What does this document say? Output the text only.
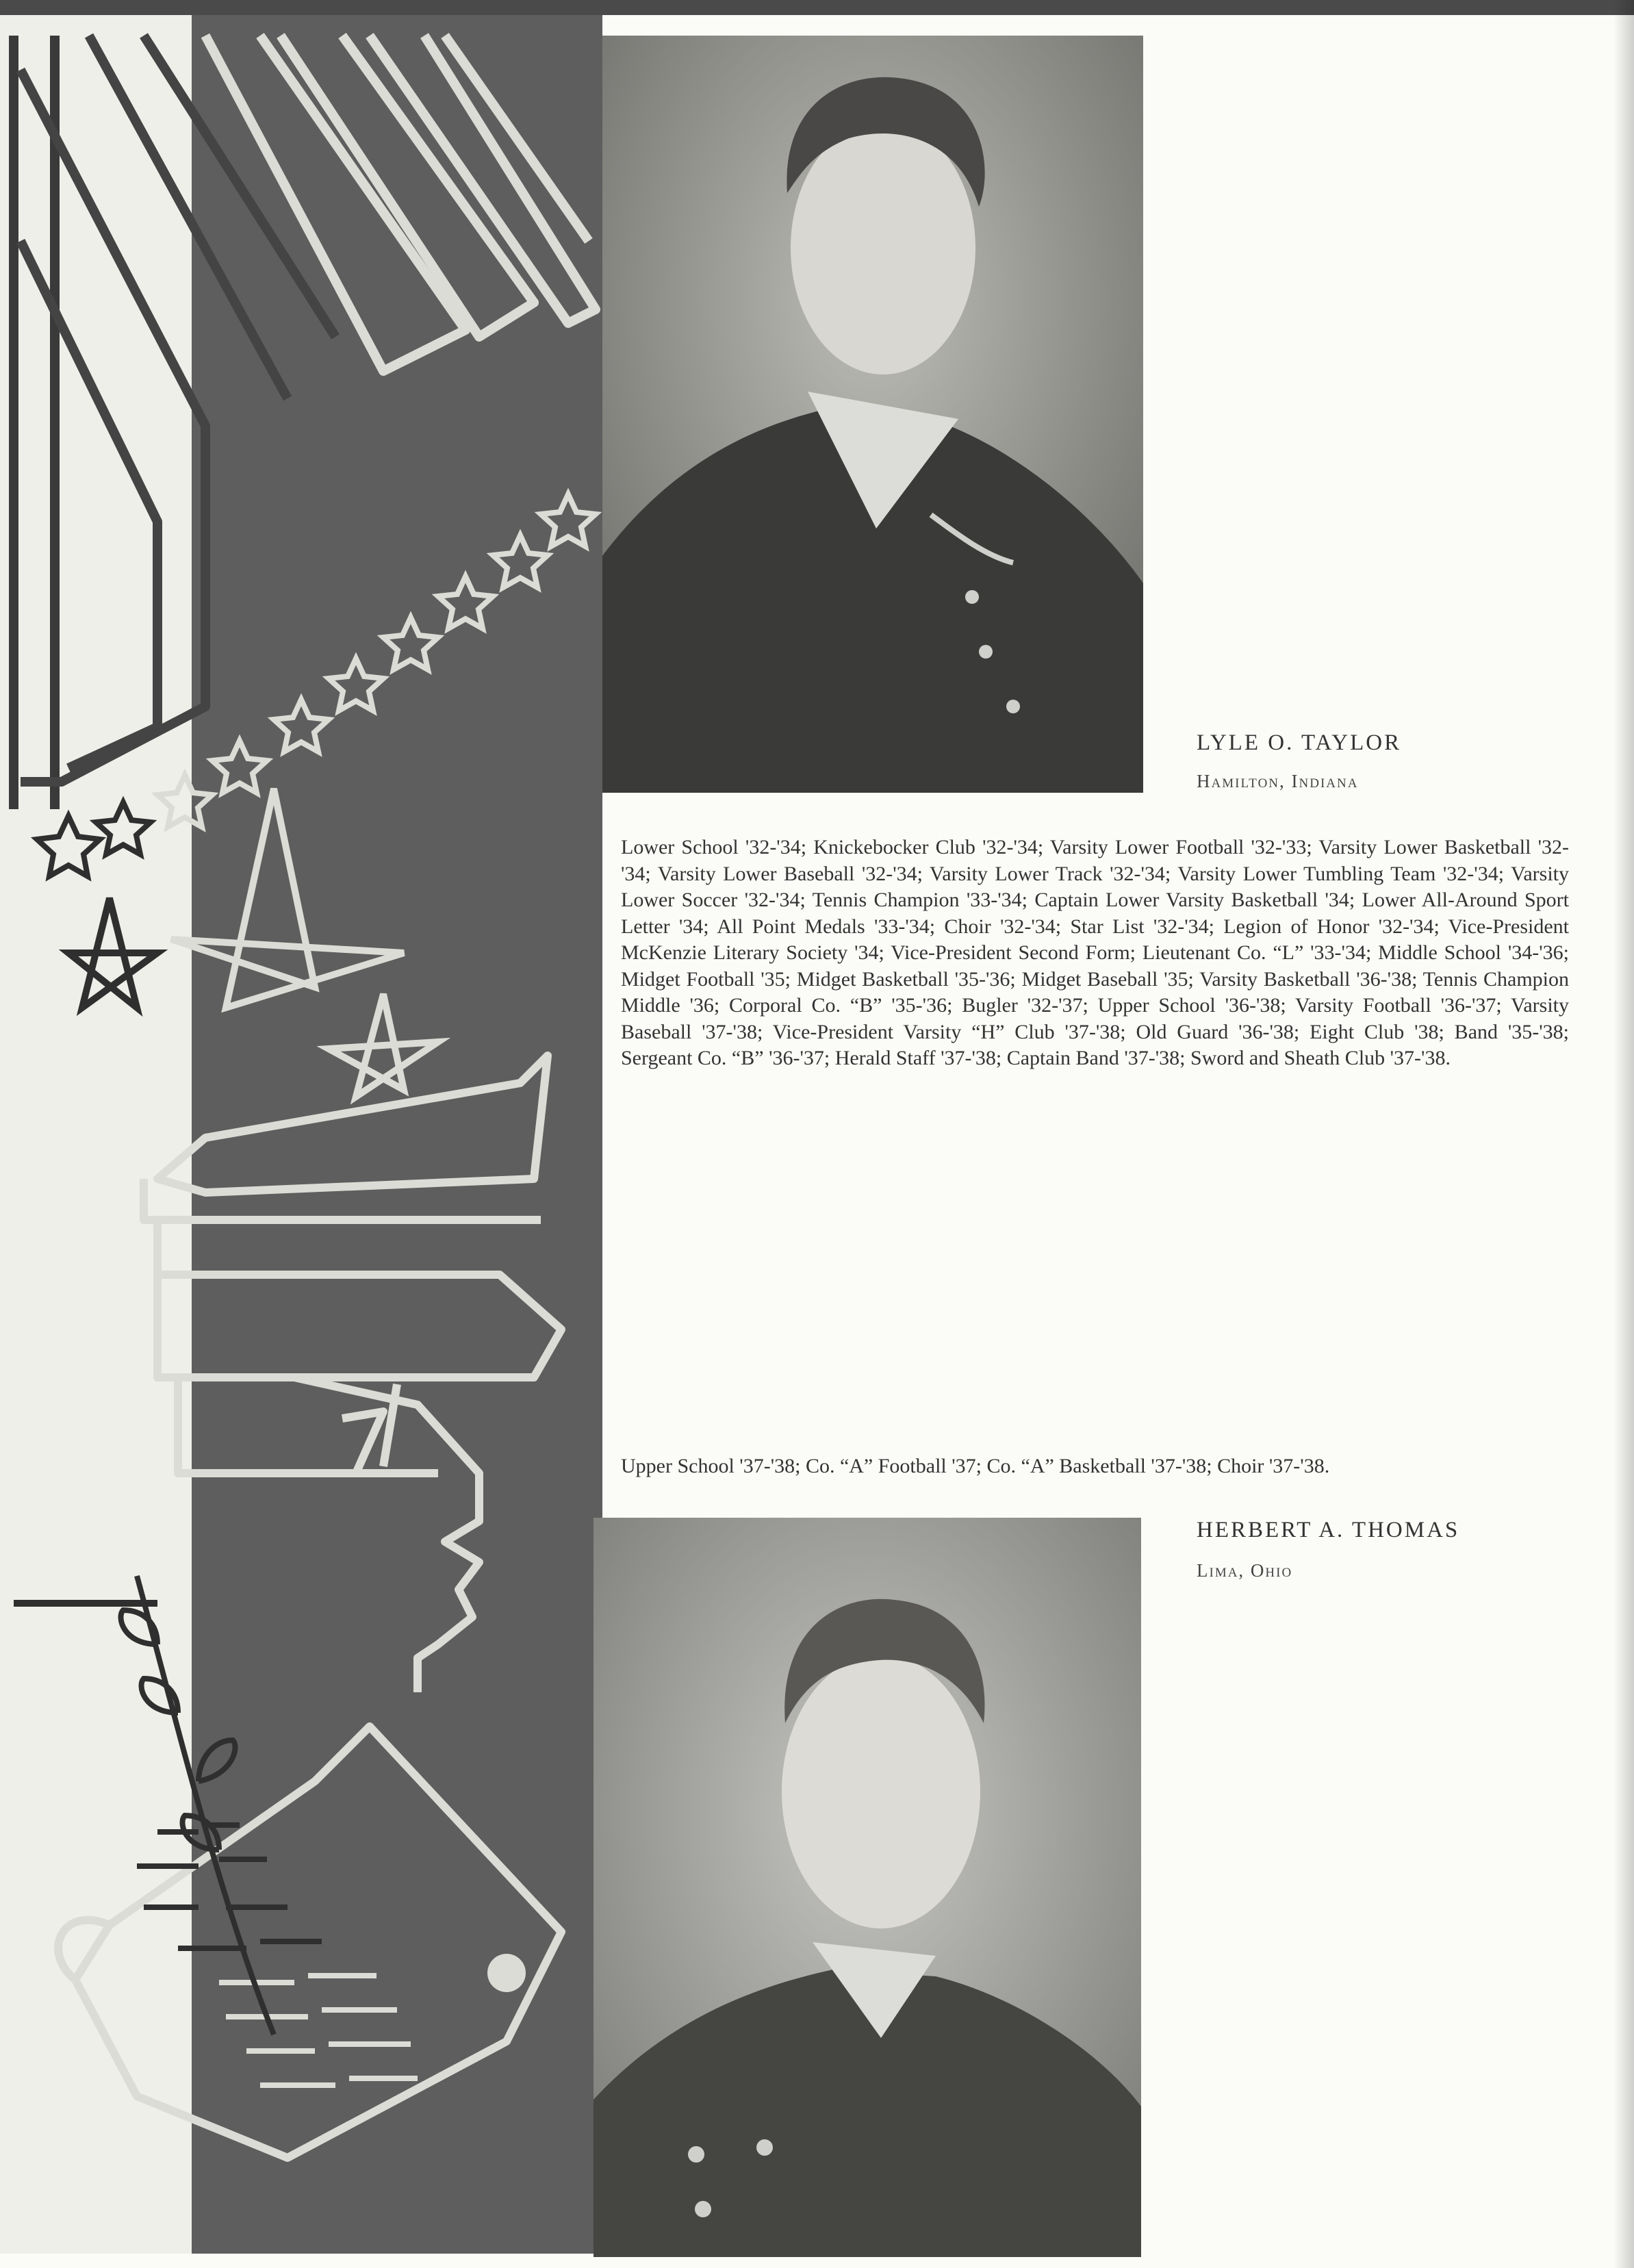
LYLE O. TAYLOR
Hamilton, Indiana
Lower School '32-'34; Knickebocker Club '32-'34; Varsity Lower Football '32-'33; Varsity Lower Basketball '32-'34; Varsity Lower Baseball '32-'34; Varsity Lower Track '32-'34; Varsity Lower Tumbling Team '32-'34; Varsity Lower Soccer '32-'34; Tennis Champion '33-'34; Captain Lower Varsity Basketball '34; Lower All-Around Sport Letter '34; All Point Medals '33-'34; Choir '32-'34; Star List '32-'34; Legion of Honor '32-'34; Vice-President McKenzie Literary Society '34; Vice-President Second Form; Lieutenant Co. “L” '33-'34; Middle School '34-'36; Midget Football '35; Midget Basketball '35-'36; Midget Baseball '35; Varsity Basketball '36-'38; Tennis Champion Middle '36; Corporal Co. “B” '35-'36; Bugler '32-'37; Upper School '36-'38; Varsity Football '36-'37; Varsity Baseball '37-'38; Vice-President Varsity “H” Club '37-'38; Old Guard '36-'38; Eight Club '38; Band '35-'38; Sergeant Co. “B” '36-'37; Herald Staff '37-'38; Captain Band '37-'38; Sword and Sheath Club '37-'38.
Upper School '37-'38; Co. “A” Football '37; Co. “A” Basketball '37-'38; Choir '37-'38.
HERBERT A. THOMAS
Lima, Ohio
